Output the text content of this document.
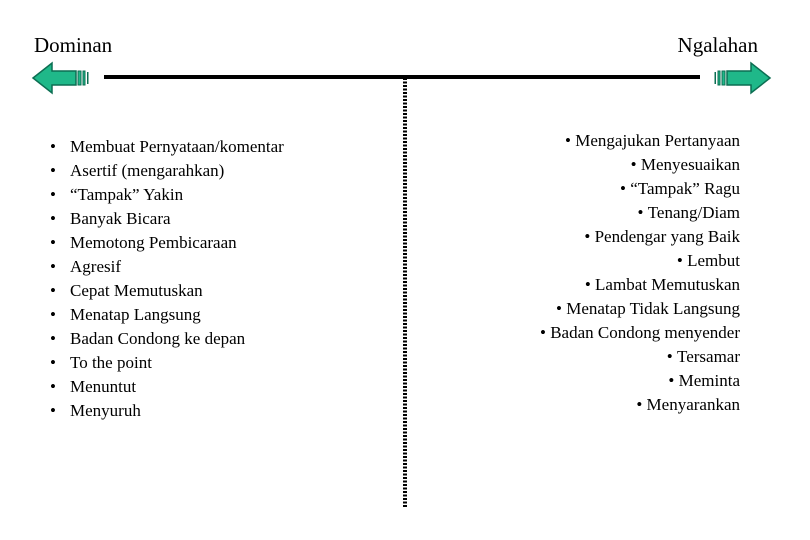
Dominan	Ngalahan
• Membuat Pernyataan/komentar
• Asertif (mengarahkan)
• “Tampak” Yakin
• Banyak Bicara
• Memotong Pembicaraan
• Agresif
• Cepat Memutuskan
• Menatap Langsung
• Badan Condong ke depan
• To the point
• Menuntut
• Menyuruh
• Mengajukan Pertanyaan
• Menyesuaikan
• “Tampak” Ragu
• Tenang/Diam
• Pendengar yang Baik
• Lembut
• Lambat Memutuskan
• Menatap Tidak Langsung
• Badan Condong menyender
• Tersamar
• Meminta
• Menyarankan
